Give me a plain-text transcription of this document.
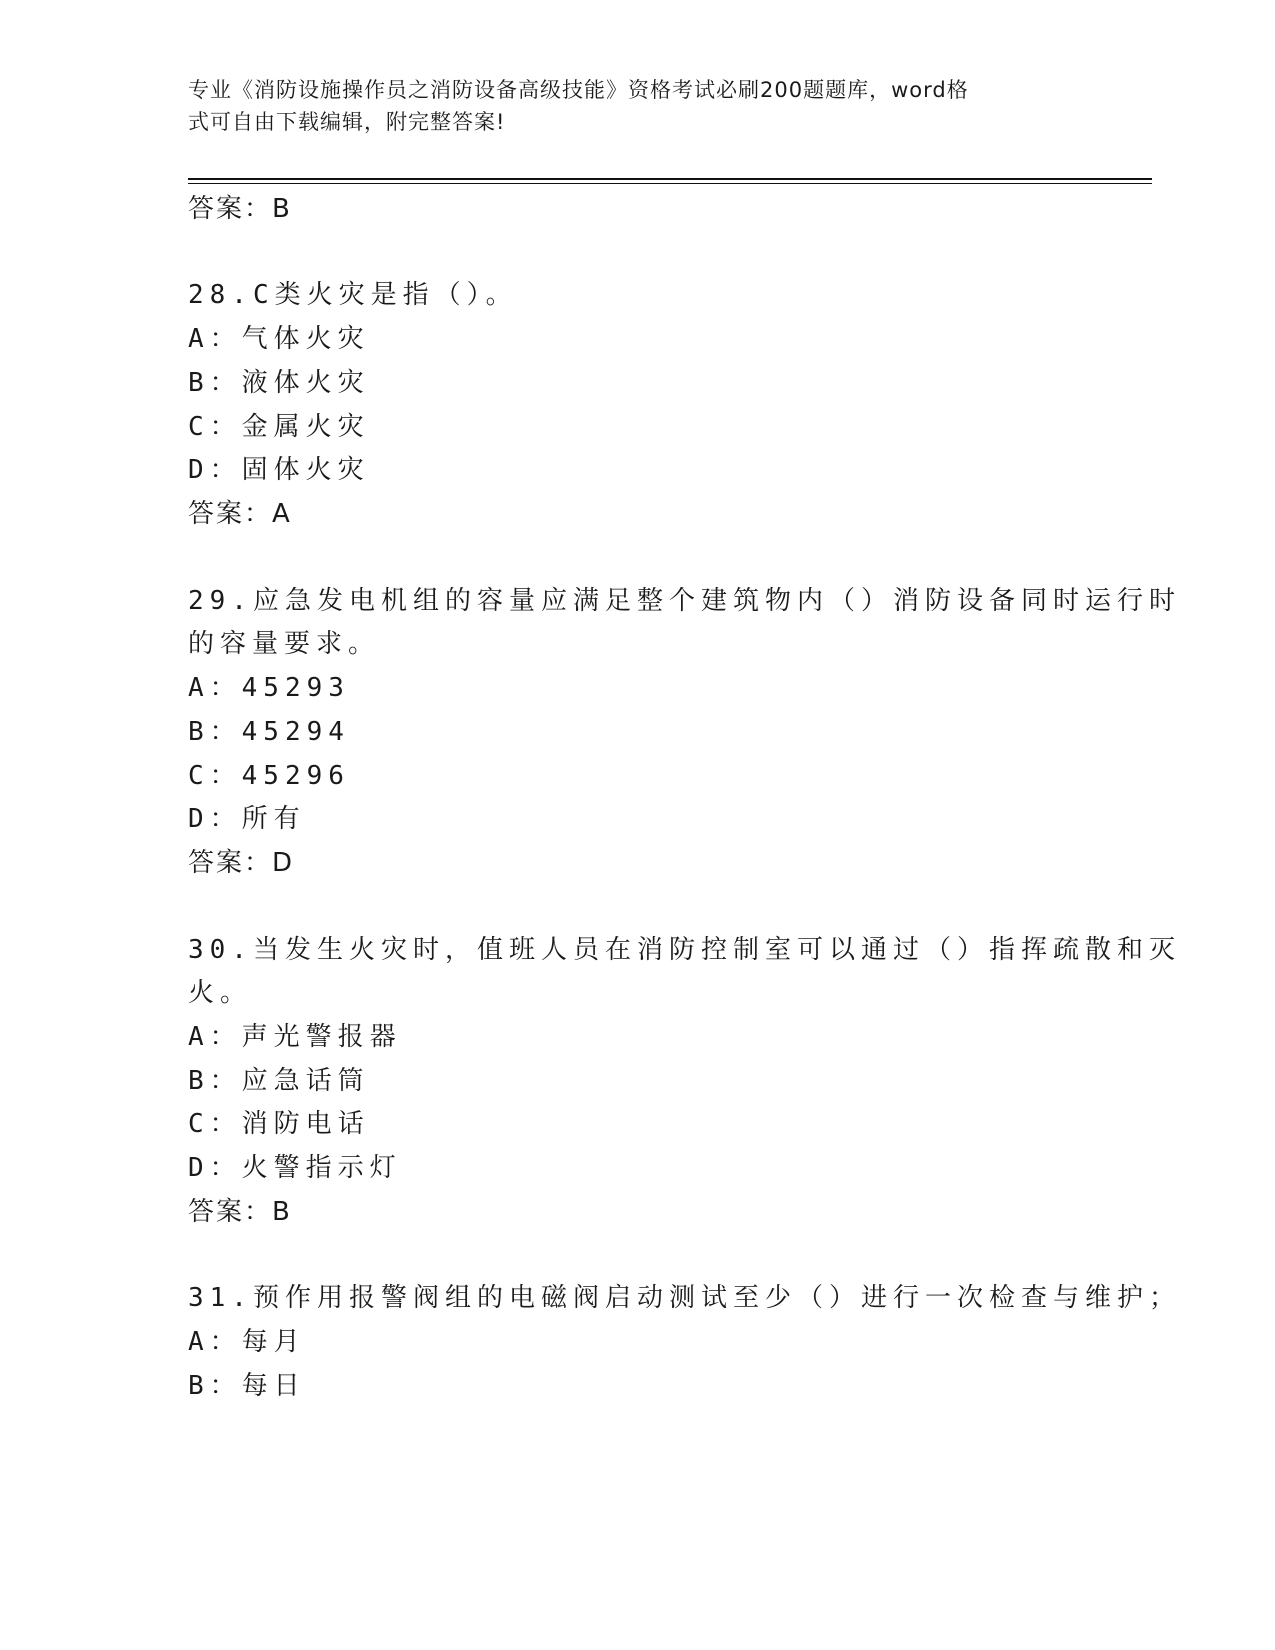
专业《消防设施操作员之消防设备高级技能》资格考试必刷200题题库，word格
式可自由下载编辑，附完整答案!
答案：B
28.C类火灾是指（）。
A：气体火灾
B：液体火灾
C：金属火灾
D：固体火灾
答案：A
29.应急发电机组的容量应满足整个建筑物内（）消防设备同时运行时
的容量要求。
A：45293
B：45294
C：45296
D：所有
答案：D
30.当发生火灾时，值班人员在消防控制室可以通过（）指挥疏散和灭
火。
A：声光警报器
B：应急话筒
C：消防电话
D：火警指示灯
答案：B
31.预作用报警阀组的电磁阀启动测试至少（）进行一次检查与维护；
A：每月
B：每日
